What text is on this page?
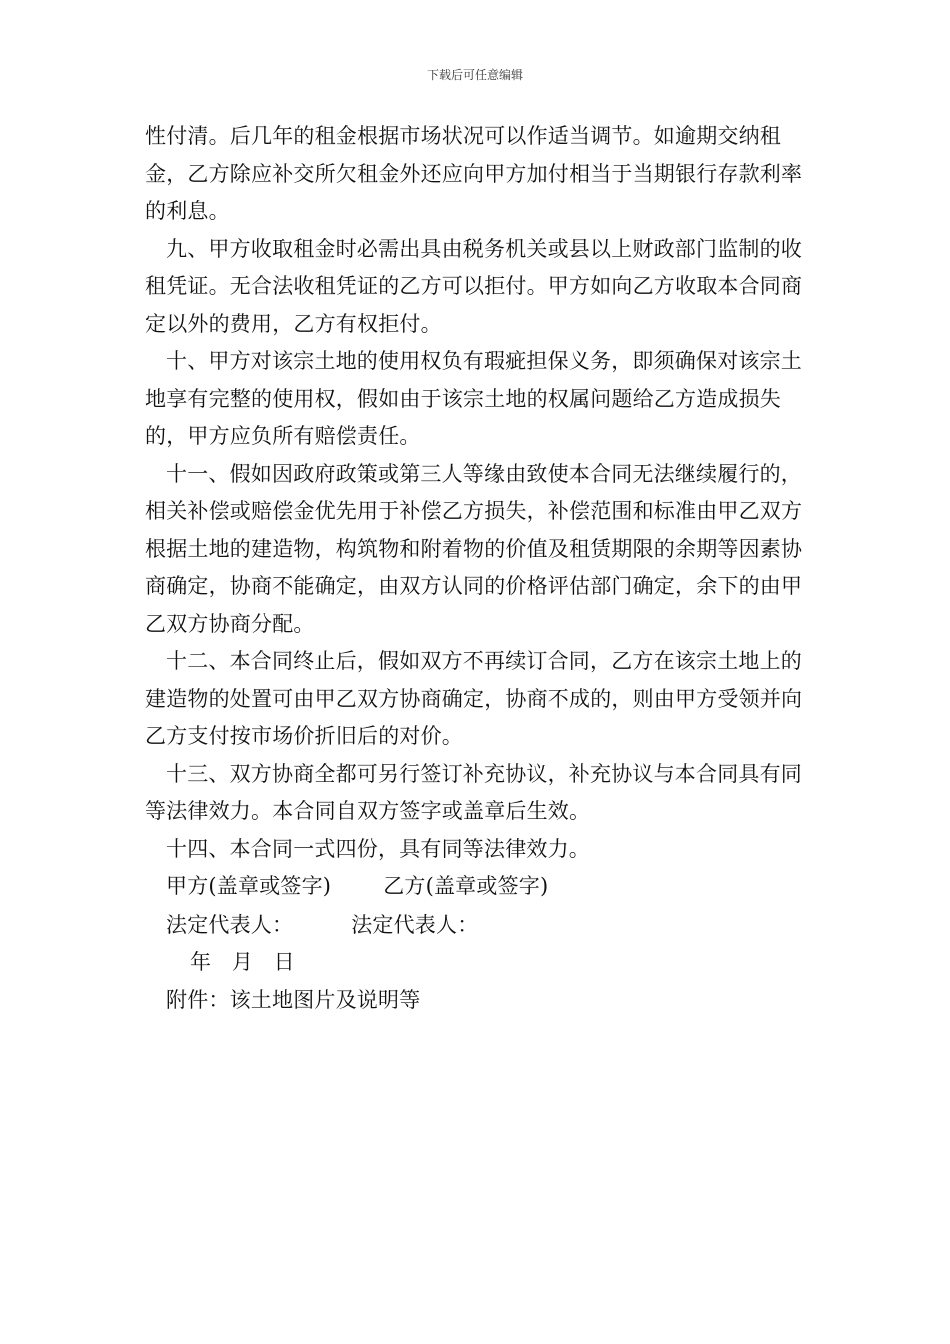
下载后可任意编辑

性付清。后几年的租金根据市场状况可以作适当调节。如逾期交纳租金，乙方除应补交所欠租金外还应向甲方加付相当于当期银行存款利率的利息。

九、甲方收取租金时必需出具由税务机关或县以上财政部门监制的收租凭证。无合法收租凭证的乙方可以拒付。甲方如向乙方收取本合同商定以外的费用，乙方有权拒付。

十、甲方对该宗土地的使用权负有瑕疵担保义务，即须确保对该宗土地享有完整的使用权，假如由于该宗土地的权属问题给乙方造成损失的，甲方应负所有赔偿责任。

十一、假如因政府政策或第三人等缘由致使本合同无法继续履行的，相关补偿或赔偿金优先用于补偿乙方损失，补偿范围和标准由甲乙双方根据土地的建造物，构筑物和附着物的价值及租赁期限的余期等因素协商确定，协商不能确定，由双方认同的价格评估部门确定，余下的由甲乙双方协商分配。

十二、本合同终止后，假如双方不再续订合同，乙方在该宗土地上的建造物的处置可由甲乙双方协商确定，协商不成的，则由甲方受领并向乙方支付按市场价折旧后的对价。

十三、双方协商全都可另行签订补充协议，补充协议与本合同具有同等法律效力。本合同自双方签字或盖章后生效。

十四、本合同一式四份，具有同等法律效力。

甲方(盖章或签字) 乙方(盖章或签字)

法定代表人：	法定代表人：

年   月   日

附件：该土地图片及说明等
